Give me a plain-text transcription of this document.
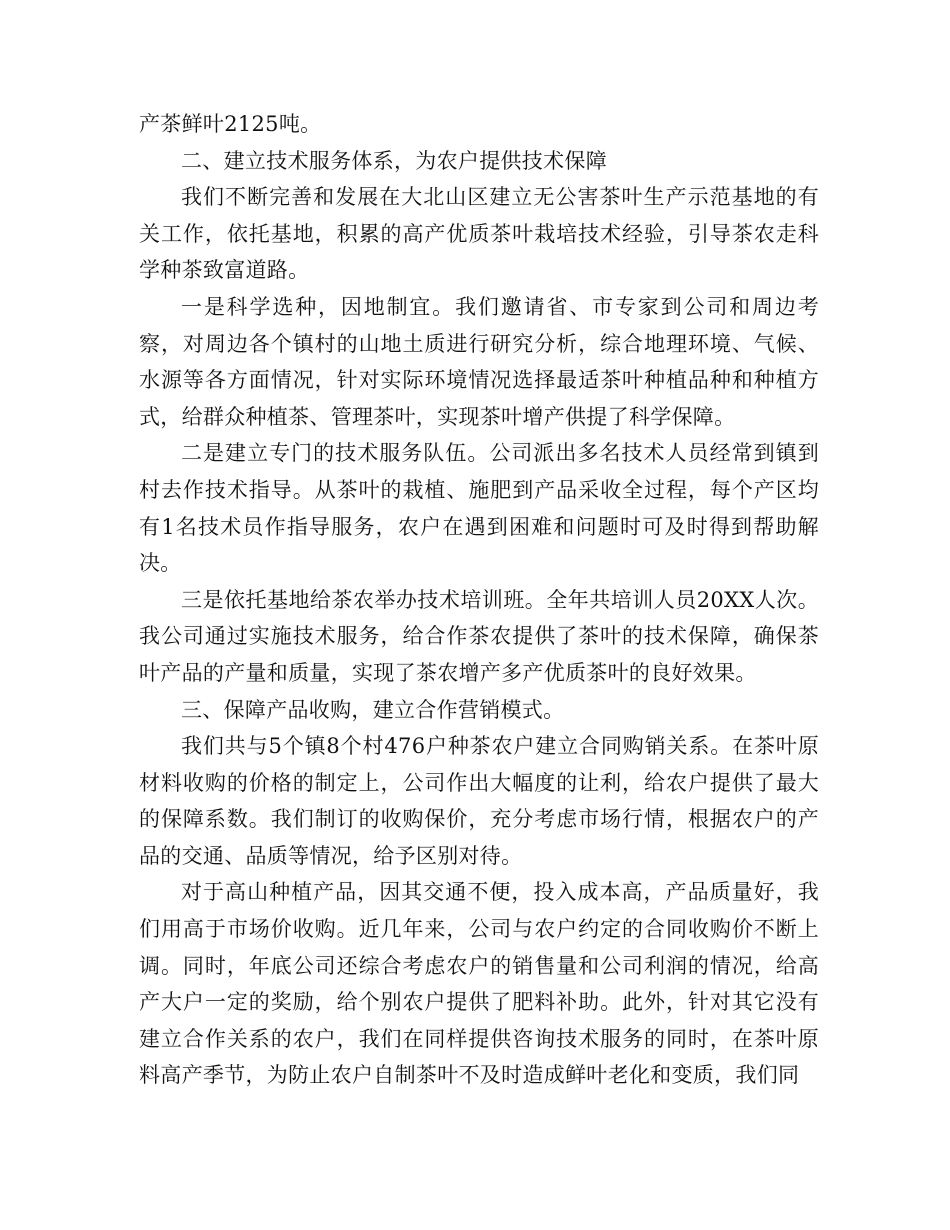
产茶鲜叶2125吨。

二、建立技术服务体系，为农户提供技术保障

我们不断完善和发展在大北山区建立无公害茶叶生产示范基地的有关工作，依托基地，积累的高产优质茶叶栽培技术经验，引导茶农走科学种茶致富道路。

一是科学选种，因地制宜。我们邀请省、市专家到公司和周边考察，对周边各个镇村的山地土质进行研究分析，综合地理环境、气候、水源等各方面情况，针对实际环境情况选择最适茶叶种植品种和种植方式，给群众种植茶、管理茶叶，实现茶叶增产供提了科学保障。

二是建立专门的技术服务队伍。公司派出多名技术人员经常到镇到村去作技术指导。从茶叶的栽植、施肥到产品采收全过程，每个产区均有1名技术员作指导服务，农户在遇到困难和问题时可及时得到帮助解决。

三是依托基地给茶农举办技术培训班。全年共培训人员20XX人次。我公司通过实施技术服务，给合作茶农提供了茶叶的技术保障，确保茶叶产品的产量和质量，实现了茶农增产多产优质茶叶的良好效果。

三、保障产品收购，建立合作营销模式。

我们共与5个镇8个村476户种茶农户建立合同购销关系。在茶叶原材料收购的价格的制定上，公司作出大幅度的让利，给农户提供了最大的保障系数。我们制订的收购保价，充分考虑市场行情，根据农户的产品的交通、品质等情况，给予区别对待。

对于高山种植产品，因其交通不便，投入成本高，产品质量好，我们用高于市场价收购。近几年来，公司与农户约定的合同收购价不断上调。同时，年底公司还综合考虑农户的销售量和公司利润的情况，给高产大户一定的奖励，给个别农户提供了肥料补助。此外，针对其它没有建立合作关系的农户，我们在同样提供咨询技术服务的同时，在茶叶原料高产季节，为防止农户自制茶叶不及时造成鲜叶老化和变质，我们同
